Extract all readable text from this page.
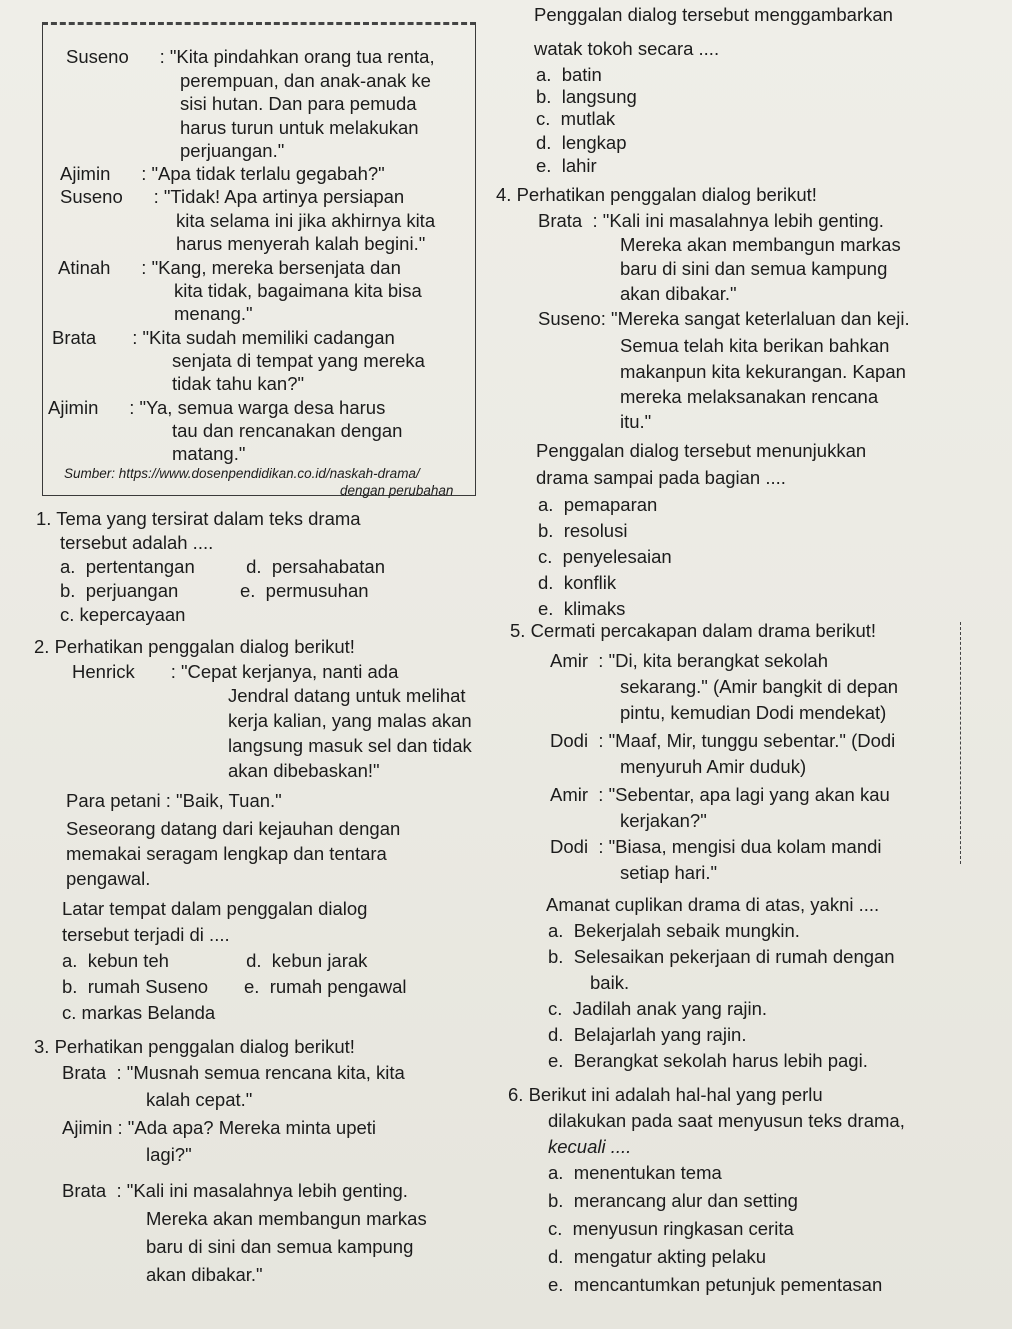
Suseno      : "Kita pindahkan orang tua renta,
perempuan, dan anak-anak ke
sisi hutan. Dan para pemuda
harus turun untuk melakukan
perjuangan."
Ajimin      : "Apa tidak terlalu gegabah?"
Suseno      : "Tidak! Apa artinya persiapan
kita selama ini jika akhirnya kita
harus menyerah kalah begini."
Atinah      : "Kang, mereka bersenjata dan
kita tidak, bagaimana kita bisa
menang."
Brata       : "Kita sudah memiliki cadangan
senjata di tempat yang mereka
tidak tahu kan?"
Ajimin      : "Ya, semua warga desa harus
tau dan rencanakan dengan
matang."
Sumber: https://www.dosenpendidikan.co.id/naskah-drama/
dengan perubahan
1. Tema yang tersirat dalam teks drama
tersebut adalah ....
a.  pertentangan          d.  persahabatan
b.  perjuangan            e.  permusuhan
c. kepercayaan
2. Perhatikan penggalan dialog berikut!
Henrick       : "Cepat kerjanya, nanti ada
Jendral datang untuk melihat
kerja kalian, yang malas akan
langsung masuk sel dan tidak
akan dibebaskan!"
Para petani : "Baik, Tuan."
Seseorang datang dari kejauhan dengan
memakai seragam lengkap dan tentara
pengawal.
Latar tempat dalam penggalan dialog
tersebut terjadi di ....
a.  kebun teh               d.  kebun jarak
b.  rumah Suseno       e.  rumah pengawal
c. markas Belanda
3. Perhatikan penggalan dialog berikut!
Brata  : "Musnah semua rencana kita, kita
kalah cepat."
Ajimin : "Ada apa? Mereka minta upeti
lagi?"
Brata  : "Kali ini masalahnya lebih genting.
Mereka akan membangun markas
baru di sini dan semua kampung
akan dibakar."
Penggalan dialog tersebut menggambarkan
watak tokoh secara ....
a.  batin
b.  langsung
c.  mutlak
d.  lengkap
e.  lahir
4. Perhatikan penggalan dialog berikut!
Brata  : "Kali ini masalahnya lebih genting.
Mereka akan membangun markas
baru di sini dan semua kampung
akan dibakar."
Suseno: "Mereka sangat keterlaluan dan keji.
Semua telah kita berikan bahkan
makanpun kita kekurangan. Kapan
mereka melaksanakan rencana
itu."
Penggalan dialog tersebut menunjukkan
drama sampai pada bagian ....
a.  pemaparan
b.  resolusi
c.  penyelesaian
d.  konflik
e.  klimaks
5. Cermati percakapan dalam drama berikut!
Amir  : "Di, kita berangkat sekolah
sekarang." (Amir bangkit di depan
pintu, kemudian Dodi mendekat)
Dodi  : "Maaf, Mir, tunggu sebentar." (Dodi
menyuruh Amir duduk)
Amir  : "Sebentar, apa lagi yang akan kau
kerjakan?"
Dodi  : "Biasa, mengisi dua kolam mandi
setiap hari."
Amanat cuplikan drama di atas, yakni ....
a.  Bekerjalah sebaik mungkin.
b.  Selesaikan pekerjaan di rumah dengan
baik.
c.  Jadilah anak yang rajin.
d.  Belajarlah yang rajin.
e.  Berangkat sekolah harus lebih pagi.
6. Berikut ini adalah hal-hal yang perlu
dilakukan pada saat menyusun teks drama,
kecuali ....
a.  menentukan tema
b.  merancang alur dan setting
c.  menyusun ringkasan cerita
d.  mengatur akting pelaku
e.  mencantumkan petunjuk pementasan
